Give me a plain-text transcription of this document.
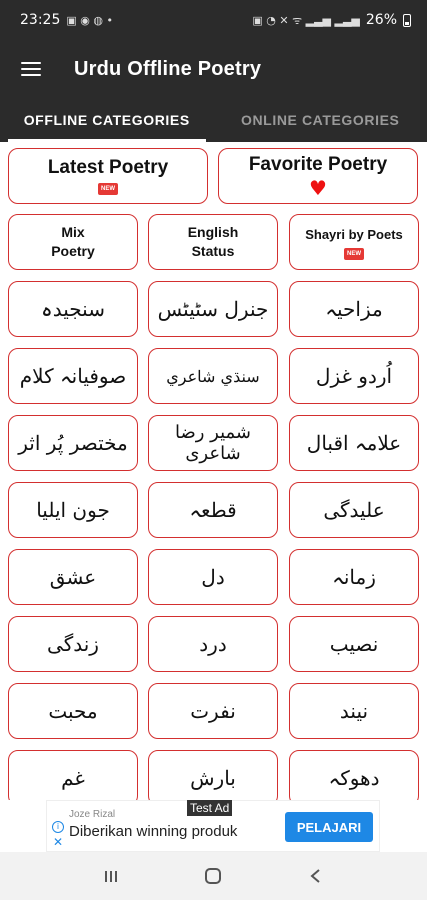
23:25 ▣ ◉ ◍ •	▣ ◔ ✕ ᯤ ▂▃▅ ▂▃▅ 26%
Urdu Offline Poetry
OFFLINE CATEGORIES	ONLINE CATEGORIES
Latest Poetry
NEW
Favorite Poetry
♥
Mix
Poetry
English
Status
Shayri by Poets
NEW
سنجیدہ	جنرل سٹیٹس	مزاحیہ
صوفیانہ کلام	سنڌي شاعري	اُردو غزل
مختصر پُر اثر	شمیر رضا شاعری	علامہ اقبال
جون ایلیا	قطعہ	علیدگی
عشق	دل	زمانہ
زندگی	درد	نصیب
محبت	نفرت	نیند
غم	بارش	دھوکہ
Test Ad
i
✕
Joze Rizal
Diberikan winning produk	PELAJARI
